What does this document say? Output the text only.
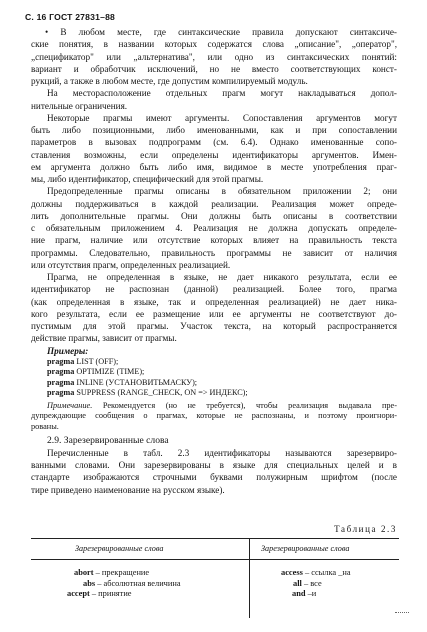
С. 16 ГОСТ 27831–88
• В любом месте, где синтаксические правила допускают синтаксиче-
ские понятия, в названии которых содержатся слова „описание", „оператор",
„спецификатор" или „альтернатива", или одно из синтаксических понятий:
вариант и обработчик исключений, но не вместо соответствующих конст-
рукций, а также в любом месте, где допустим компилируемый модуль.
На месторасположение отдельных прагм могут накладываться допол-
нительные ограничения.
Некоторые прагмы имеют аргументы. Сопоставления аргументов могут
быть либо позиционными, либо именованными, как и при сопоставлении
параметров в вызовах подпрограмм (см. 6.4). Однако именованные сопо-
ставления возможны, если определены идентификаторы аргументов. Имен-
ем аргумента должно быть либо имя, видимое в месте употребления праг-
мы, либо идентификатор, специфический для этой прагмы.
Предопределенные прагмы описаны в обязательном приложении 2; они
должны поддерживаться в каждой реализации. Реализация может опреде-
лить дополнительные прагмы. Они должны быть описаны в соответствии
с обязательным приложением 4. Реализация не должна допускать определе-
ние прагм, наличие или отсутствие которых влияет на правильность текста
программы. Следовательно, правильность программы не зависит от наличия
или отсутствия прагм, определенных реализацией.
Прагма, не определенная в языке, не дает никакого результата, если ее
идентификатор не распознан (данной) реализацией. Более того, прагма
(как определенная в языке, так и определенная реализацией) не дает ника-
кого результата, если ее размещение или ее аргументы не соответствуют до-
пустимым для этой прагмы. Участок текста, на который распространяется
действие прагмы, зависит от прагмы.
Примеры:
pragma LIST (OFF);
pragma OPTIMIZE (TIME);
pragma INLINE (УСТАНОВИТЬМАСКУ);
pragma SUPPRESS (RANGE_CHECK, ON => ИНДЕКС);
Примечание. Рекомендуется (но не требуется), чтобы реализация выдавала пре-
дупреждающие сообщения о прагмах, которые не распознаны, и поэтому проигнори-
рованы.
2.9. Зарезервированные слова
Перечисленные в табл. 2.3 идентификаторы называются зарезервиро-
ванными словами. Они зарезервированы в языке для специальных целей и в
стандарте изображаются строчными буквами полужирным шрифтом (после
тире приведено наименование на русском языке).
Таблица 2.3
Зарезервированные слова	Зарезервированные слова
abort – прекращение
abs – абсолютная величина
accept – принятие
access – ссылка _на
all – все
and –и
